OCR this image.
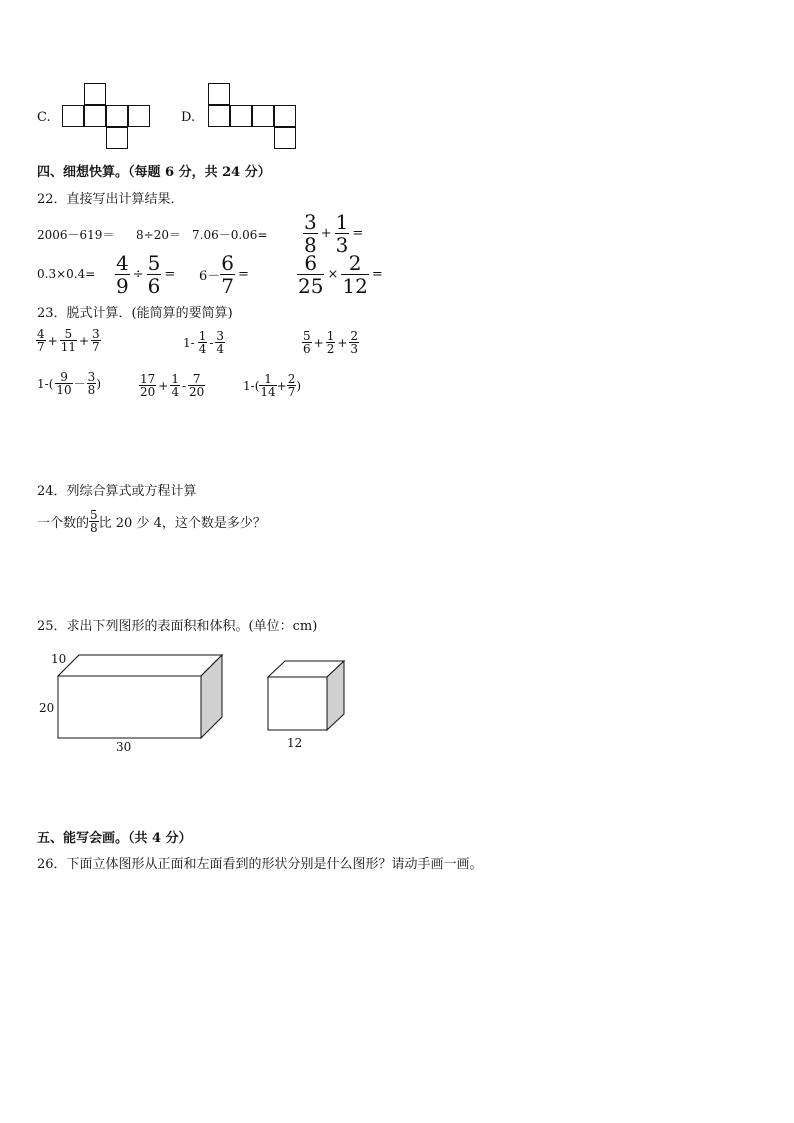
C.	D.
四、细想快算。（每题 6 分，共 24 分）
22．直接写出计算结果．
$2006-619= 8\div 20= 7.06-0.06= \frac{3}{8} + \frac{1}{3}$ =
$0.3\times 0.4= \frac{4}{9} \div \frac{5}{6} = 6- \frac{6}{7} = \frac{6}{25} \times \frac{2}{12}$ =
23．脱式计算．(能简算的要简算)
$\frac{4}{7} + \frac{5}{11} + \frac{3}{7}$	$1- \frac{1}{4} - \frac{3}{4}$	$\frac{5}{6} + \frac{1}{2} + \frac{2}{3}$
$1-( \frac{9}{10} - \frac{3}{8}$ )	$\frac{17}{20} + \frac{1}{4} - \frac{7}{20}$	$1-( \frac{1}{14} + \frac{2}{7}$ )
24．列综合算式或方程计算
一个数的 $\frac{5}{8}$ 比 20 少 4，这个数是多少？
25．求出下列图形的表面积和体积。(单位：cm)
10
20
30	12
五、能写会画。（共 4 分）
26．下面立体图形从正面和左面看到的形状分别是什么图形？请动手画一画。
